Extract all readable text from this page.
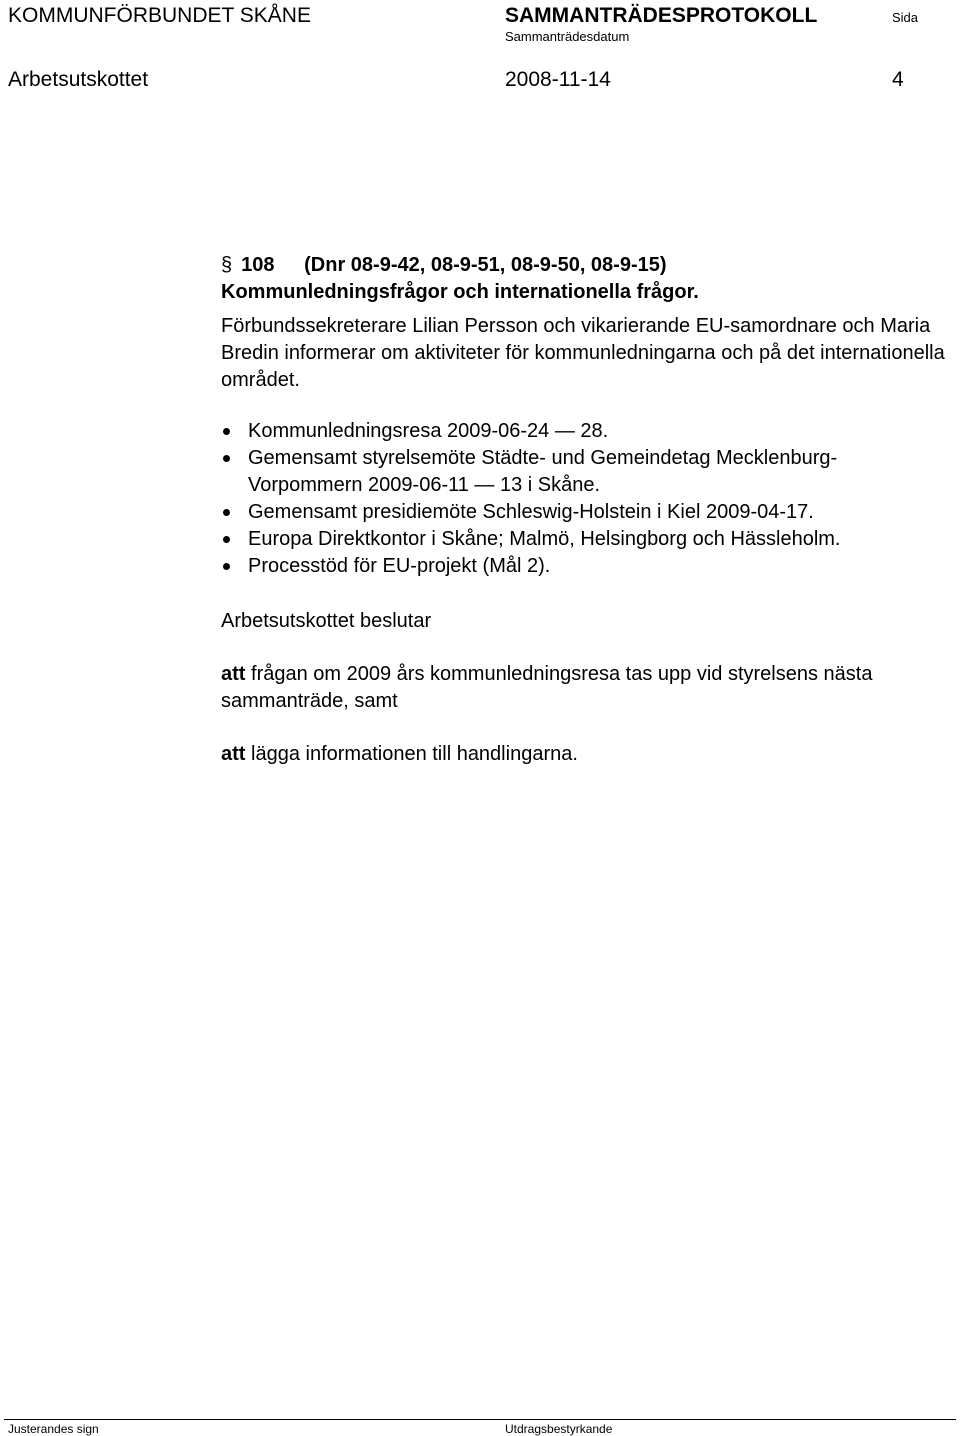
KOMMUNFÖRBUNDET SKÅNE	SAMMANTRÄDESPROTOKOLL	Sida
Sammanträdesdatum
Arbetsutskottet	2008-11-14	4
§ 108 (Dnr 08-9-42, 08-9-51, 08-9-50, 08-9-15)
Kommunledningsfrågor och internationella frågor.
Förbundssekreterare Lilian Persson och vikarierande EU-samordnare och Maria Bredin informerar om aktiviteter för kommunledningarna och på det internationella området.
Kommunledningsresa 2009-06-24 — 28.
Gemensamt styrelsemöte Städte- und Gemeindetag Mecklenburg-Vorpommern 2009-06-11 — 13 i Skåne.
Gemensamt presidiemöte Schleswig-Holstein i Kiel 2009-04-17.
Europa Direktkontor i Skåne; Malmö, Helsingborg och Hässleholm.
Processtöd för EU-projekt (Mål 2).
Arbetsutskottet beslutar
att frågan om 2009 års kommunledningsresa tas upp vid styrelsens nästa sammanträde, samt
att lägga informationen till handlingarna.
Justerandes sign	Utdragsbestyrkande
